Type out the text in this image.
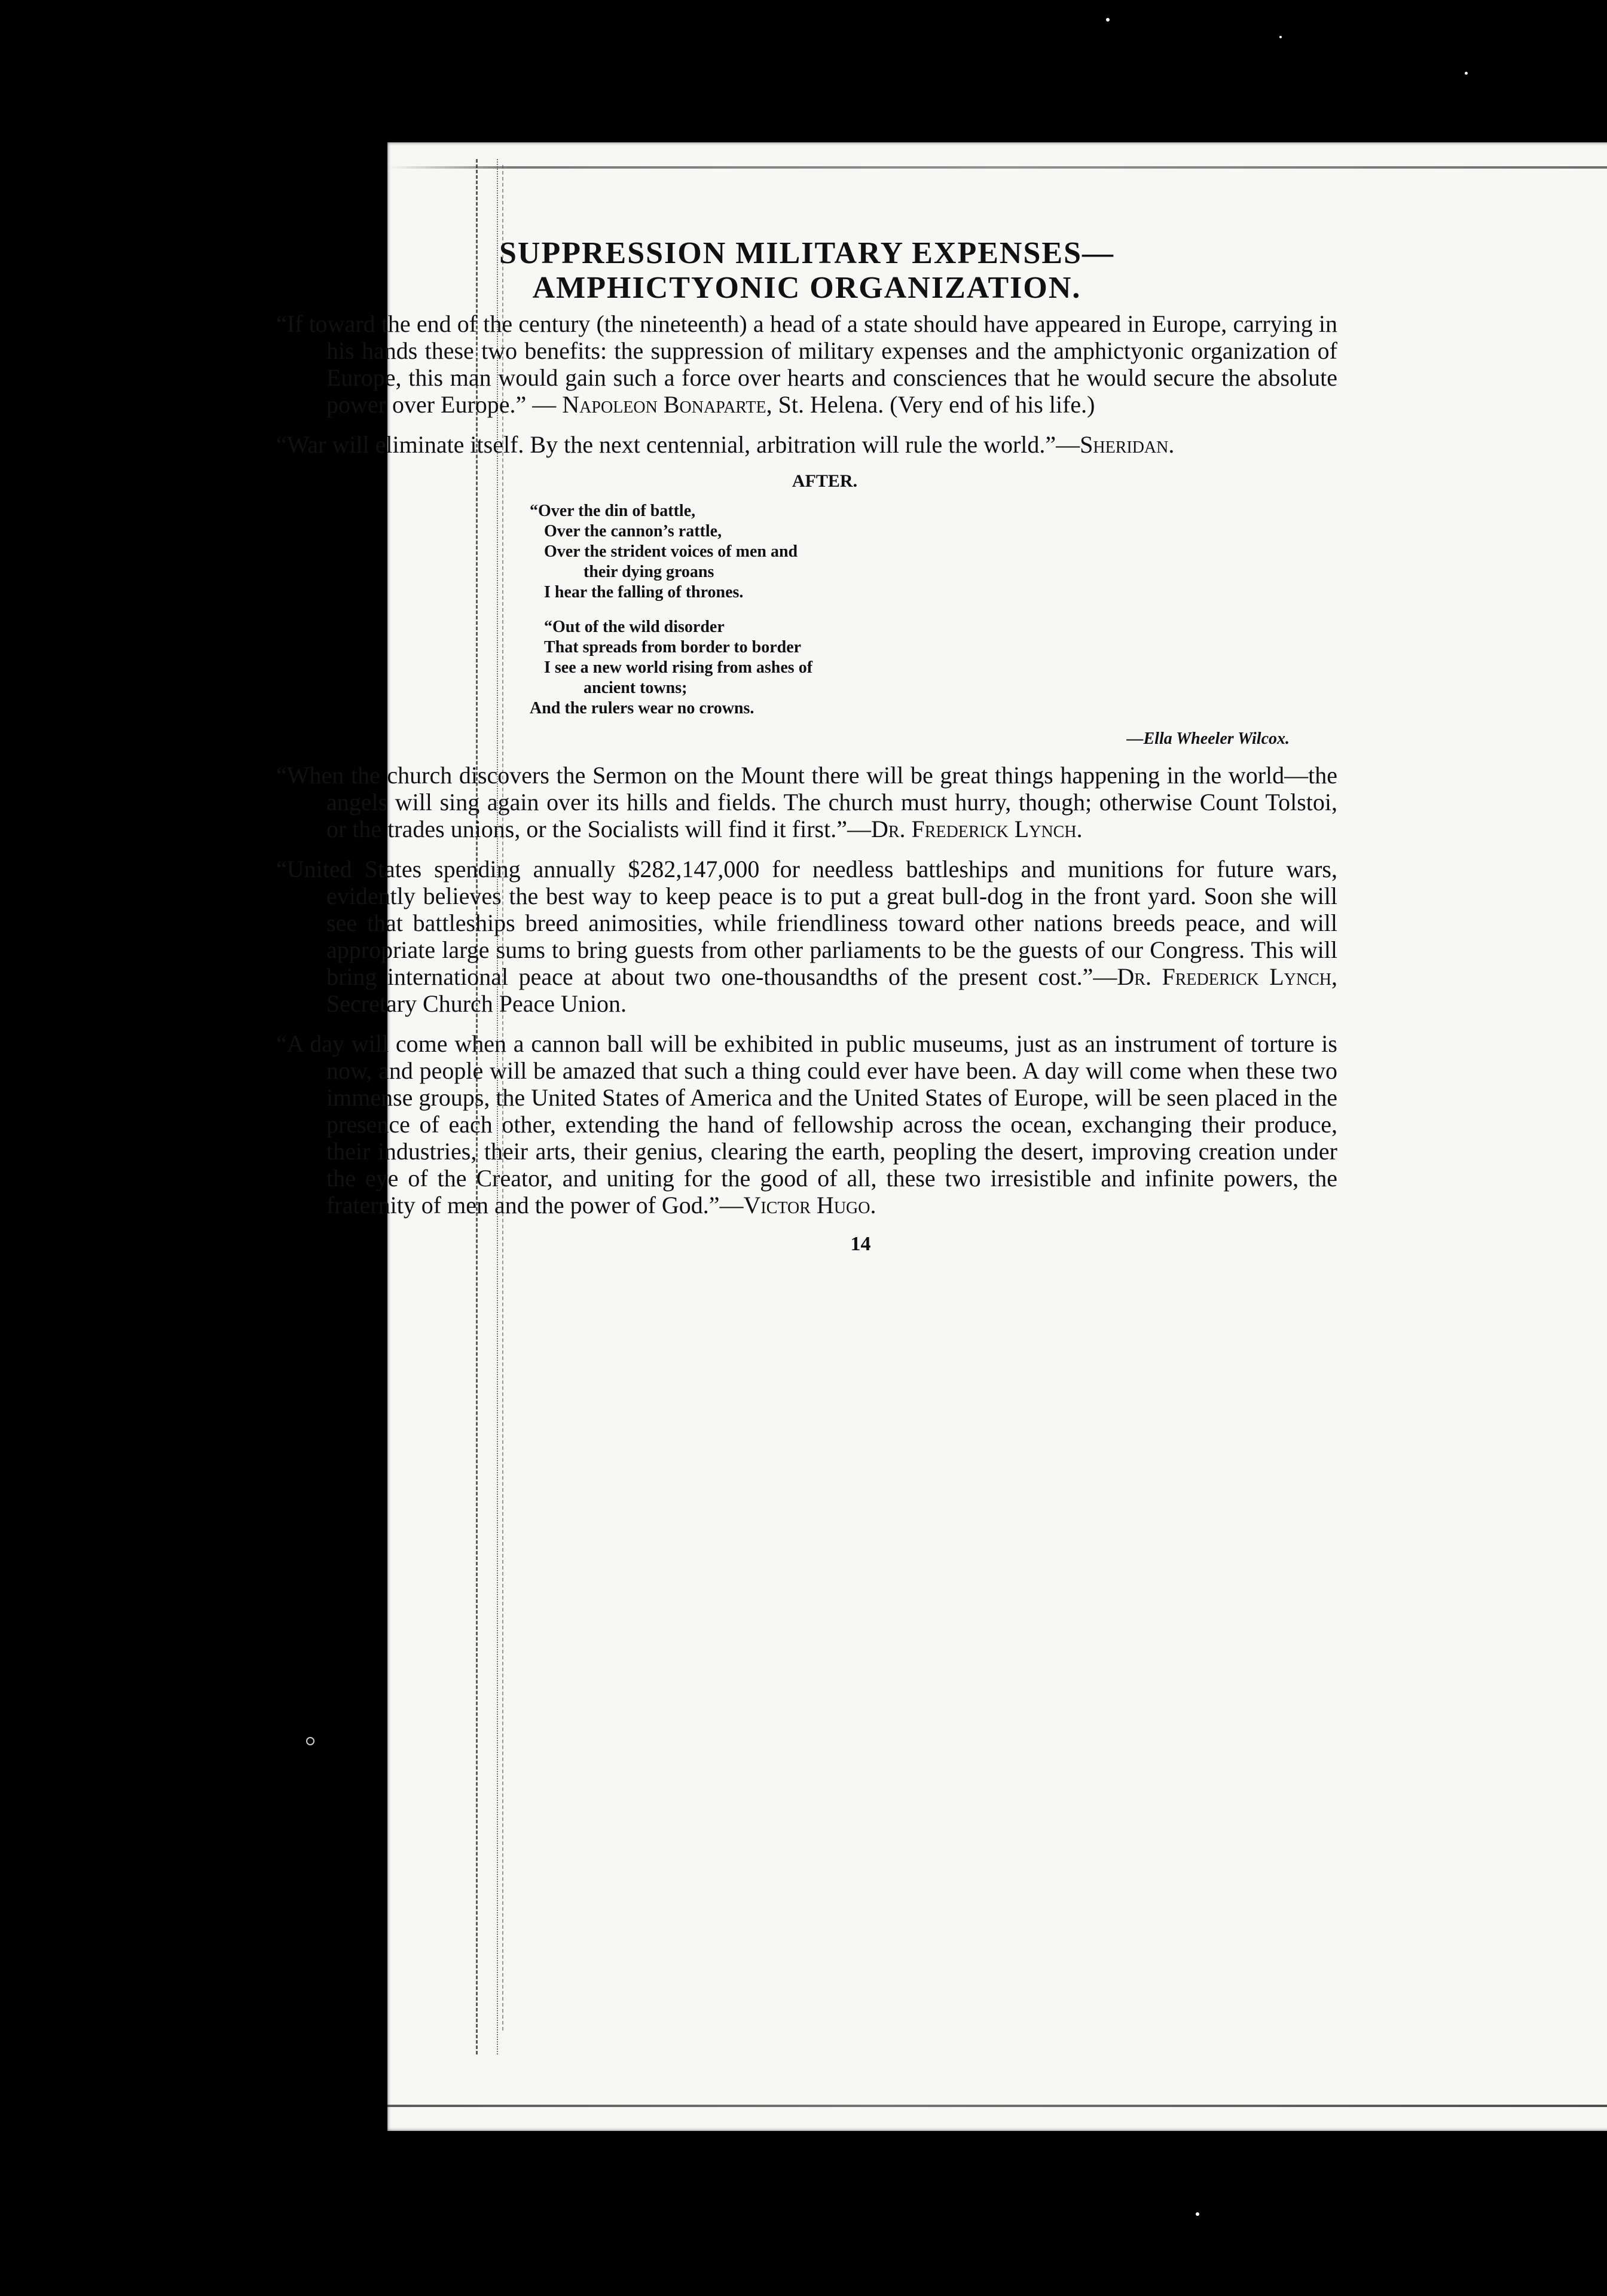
SUPPRESSION MILITARY EXPENSES—
AMPHICTYONIC ORGANIZATION.

“If toward the end of the century (the nineteenth) a head of a state should have appeared in Europe, carrying in his hands these two benefits: the suppression of military expenses and the amphictyonic organization of Europe, this man would gain such a force over hearts and consciences that he would secure the absolute power over Europe.” — Napoleon Bonaparte, St. Helena. (Very end of his life.)

“War will eliminate itself. By the next centennial, arbitration will rule the world.”—Sheridan.

AFTER.
“Over the din of battle,
Over the cannon’s rattle,
Over the strident voices of men and
their dying groans
I hear the falling of thrones.
“Out of the wild disorder
That spreads from border to border
I see a new world rising from ashes of
ancient towns;
And the rulers wear no crowns.
—Ella Wheeler Wilcox.

“When the church discovers the Sermon on the Mount there will be great things happening in the world—the angels will sing again over its hills and fields. The church must hurry, though; otherwise Count Tolstoi, or the trades unions, or the Socialists will find it first.”—Dr. Frederick Lynch.

“United States spending annually $282,147,000 for needless battleships and munitions for future wars, evidently believes the best way to keep peace is to put a great bull-dog in the front yard. Soon she will see that battleships breed animosities, while friendliness toward other nations breeds peace, and will appropriate large sums to bring guests from other parliaments to be the guests of our Congress. This will bring international peace at about two one-thousandths of the present cost.”—Dr. Frederick Lynch, Secretary Church Peace Union.

“A day will come when a cannon ball will be exhibited in public museums, just as an instrument of torture is now, and people will be amazed that such a thing could ever have been. A day will come when these two immense groups, the United States of America and the United States of Europe, will be seen placed in the presence of each other, extending the hand of fellowship across the ocean, exchanging their produce, their industries, their arts, their genius, clearing the earth, peopling the desert, improving creation under the eye of the Creator, and uniting for the good of all, these two irresistible and infinite powers, the fraternity of men and the power of God.”—Victor Hugo.

14
